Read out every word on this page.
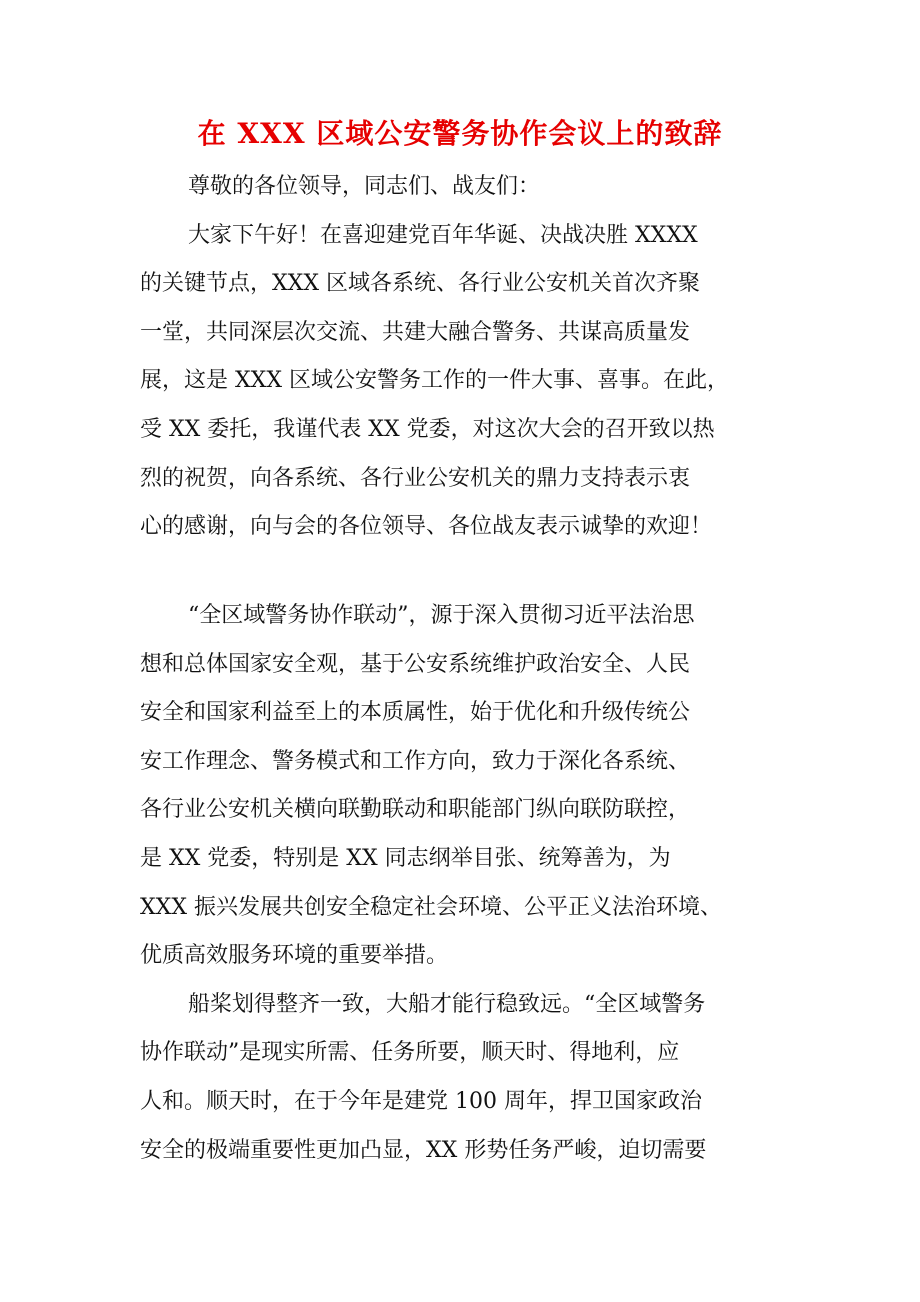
在 XXX 区域公安警务协作会议上的致辞
尊敬的各位领导，同志们、战友们：
大家下午好！在喜迎建党百年华诞、决战决胜 XXXX
的关键节点，XXX 区域各系统、各行业公安机关首次齐聚
一堂，共同深层次交流、共建大融合警务、共谋高质量发
展，这是 XXX 区域公安警务工作的一件大事、喜事。在此，
受 XX 委托，我谨代表 XX 党委，对这次大会的召开致以热
烈的祝贺，向各系统、各行业公安机关的鼎力支持表示衷
心的感谢，向与会的各位领导、各位战友表示诚挚的欢迎！
“全区域警务协作联动”，源于深入贯彻习近平法治思
想和总体国家安全观，基于公安系统维护政治安全、人民
安全和国家利益至上的本质属性，始于优化和升级传统公
安工作理念、警务模式和工作方向，致力于深化各系统、
各行业公安机关横向联勤联动和职能部门纵向联防联控，
是 XX 党委，特别是 XX 同志纲举目张、统筹善为，为
XXX 振兴发展共创安全稳定社会环境、公平正义法治环境、
优质高效服务环境的重要举措。
船桨划得整齐一致，大船才能行稳致远。“全区域警务
协作联动”是现实所需、任务所要，顺天时、得地利，应
人和。顺天时，在于今年是建党 100 周年，捍卫国家政治
安全的极端重要性更加凸显，XX 形势任务严峻，迫切需要
